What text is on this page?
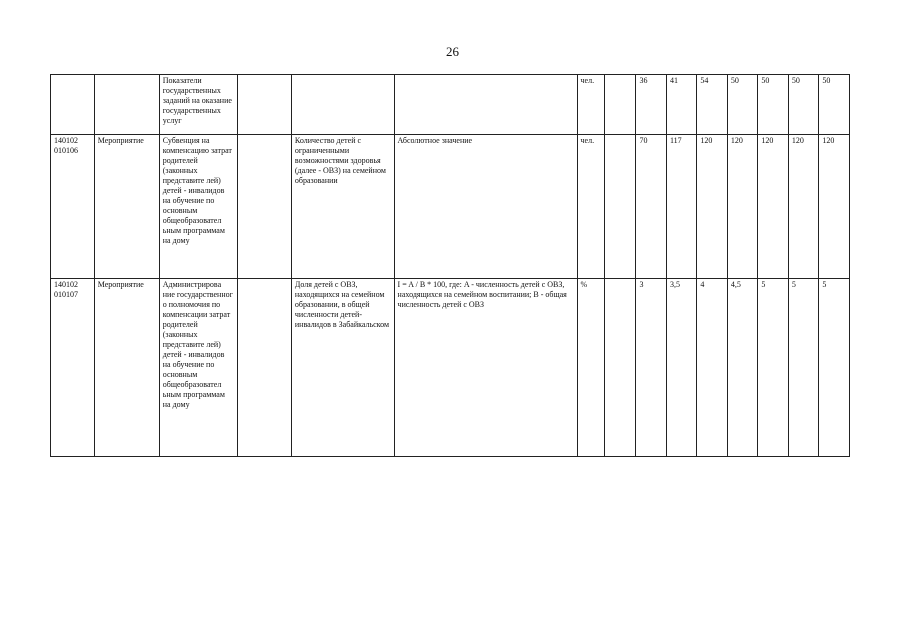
26
		Показатели государственных заданий на оказание государственных услуг				чел.		36	41	54	50	50	50	50
140102
010106	Мероприятие	Субвенция на компенсацию затрат родителей (законных представите лей) детей - инвалидов на обучение по основным общеобразовател ьным программам на дому		Количество детей с ограниченными возможностями здоровья (далее - ОВЗ) на семейном образовании	Абсолютное значение	чел.		70	117	120	120	120	120	120
140102
010107	Мероприятие	Администрирова ние государственног о полномочия по компенсации затрат родителей (законных представите лей) детей - инвалидов на обучение по основным общеобразовател ьным программам на дому		Доля детей с ОВЗ, находящихся на семейном образовании, в общей численности детей-инвалидов в Забайкальском	I = A / B * 100, где: A - численность детей с ОВЗ, находящихся на семейном воспитании; B - общая численность детей с ОВЗ	%		3	3,5	4	4,5	5	5	5
